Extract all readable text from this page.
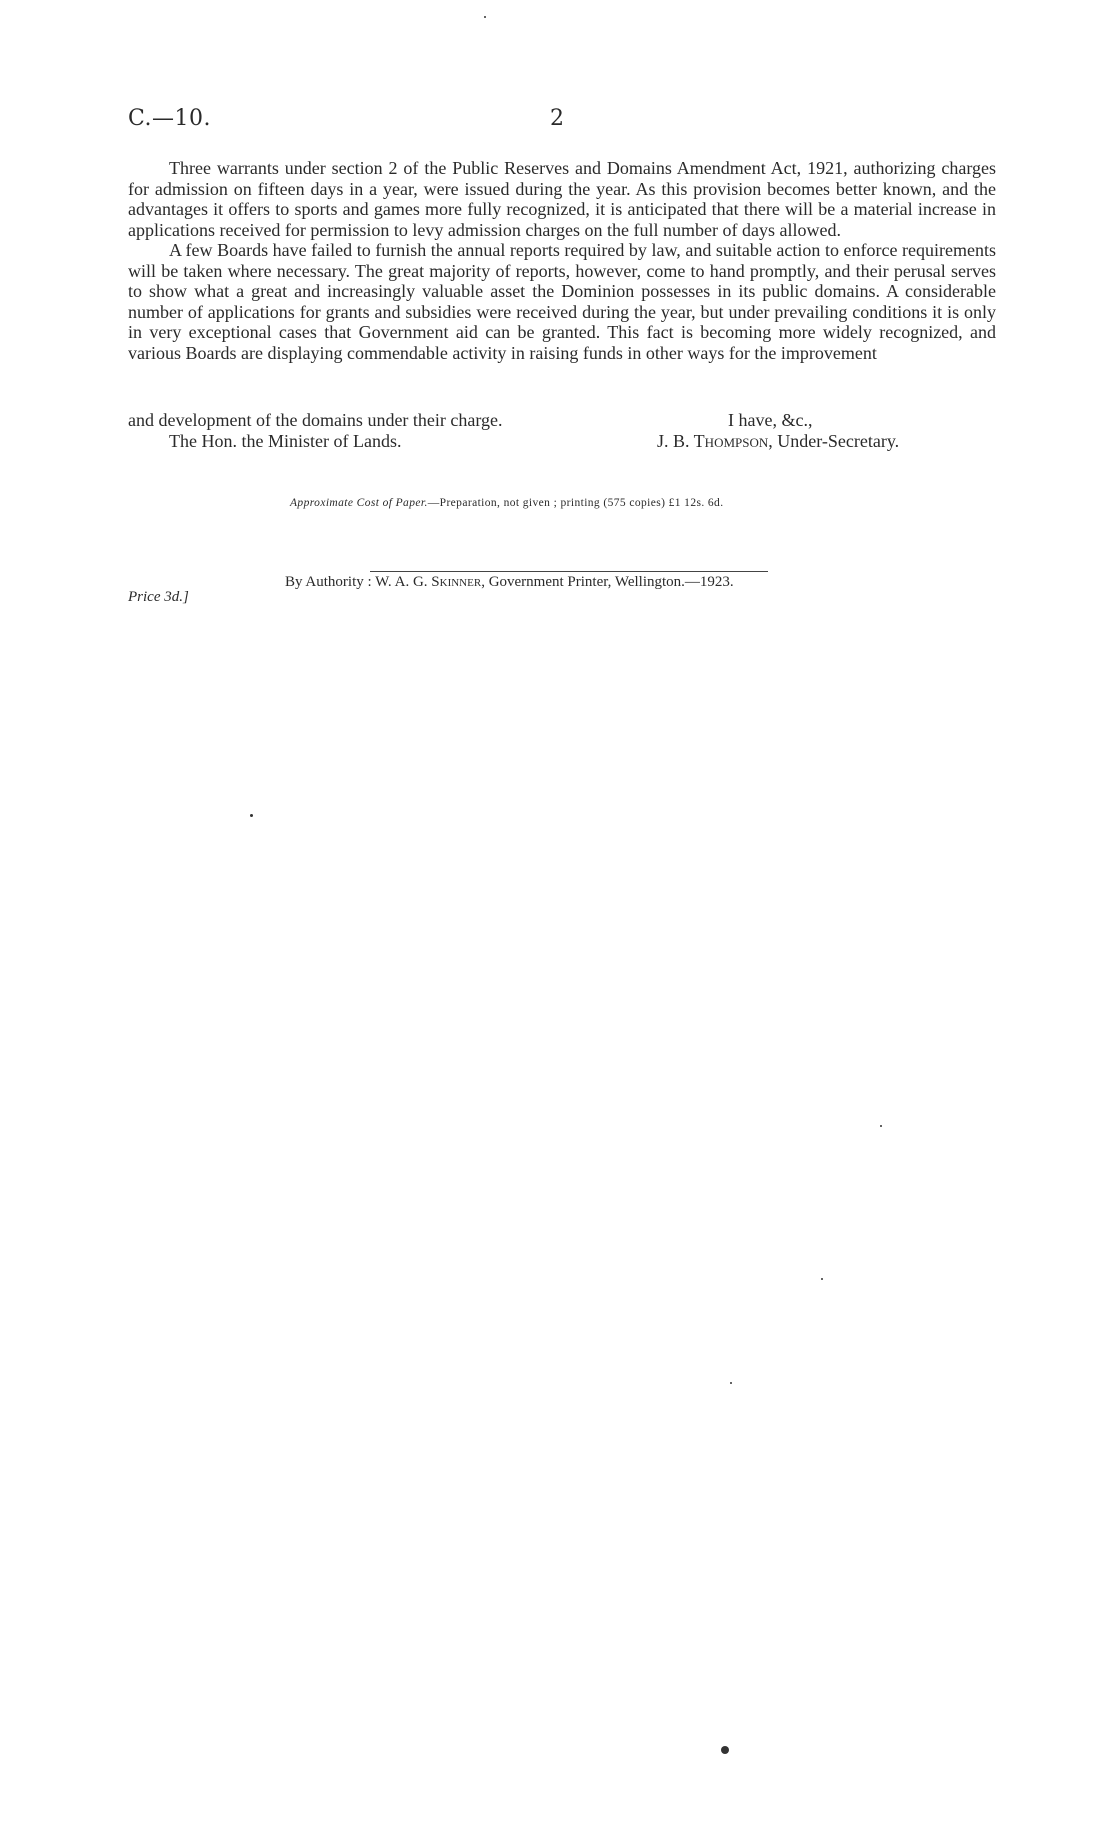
C.—10.	2

Three warrants under section 2 of the Public Reserves and Domains Amendment Act, 1921, authorizing charges for admission on fifteen days in a year, were issued during the year. As this provision becomes better known, and the advantages it offers to sports and games more fully recognized, it is anticipated that there will be a material increase in applications received for permission to levy admission charges on the full number of days allowed.

A few Boards have failed to furnish the annual reports required by law, and suitable action to enforce requirements will be taken where necessary. The great majority of reports, however, come to hand promptly, and their perusal serves to show what a great and increasingly valuable asset the Dominion possesses in its public domains. A considerable number of applications for grants and subsidies were received during the year, but under prevailing conditions it is only in very exceptional cases that Government aid can be granted. This fact is becoming more widely recognized, and various Boards are displaying commendable activity in raising funds in other ways for the improvement

and development of the domains under their charge.	I have, &c.,
The Hon. the Minister of Lands.	J. B. Thompson, Under-Secretary.
Approximate Cost of Paper.—Preparation, not given ; printing (575 copies) £1 12s. 6d.
Price 3d.]
By Authority : W. A. G. Skinner, Government Printer, Wellington.—1923.
